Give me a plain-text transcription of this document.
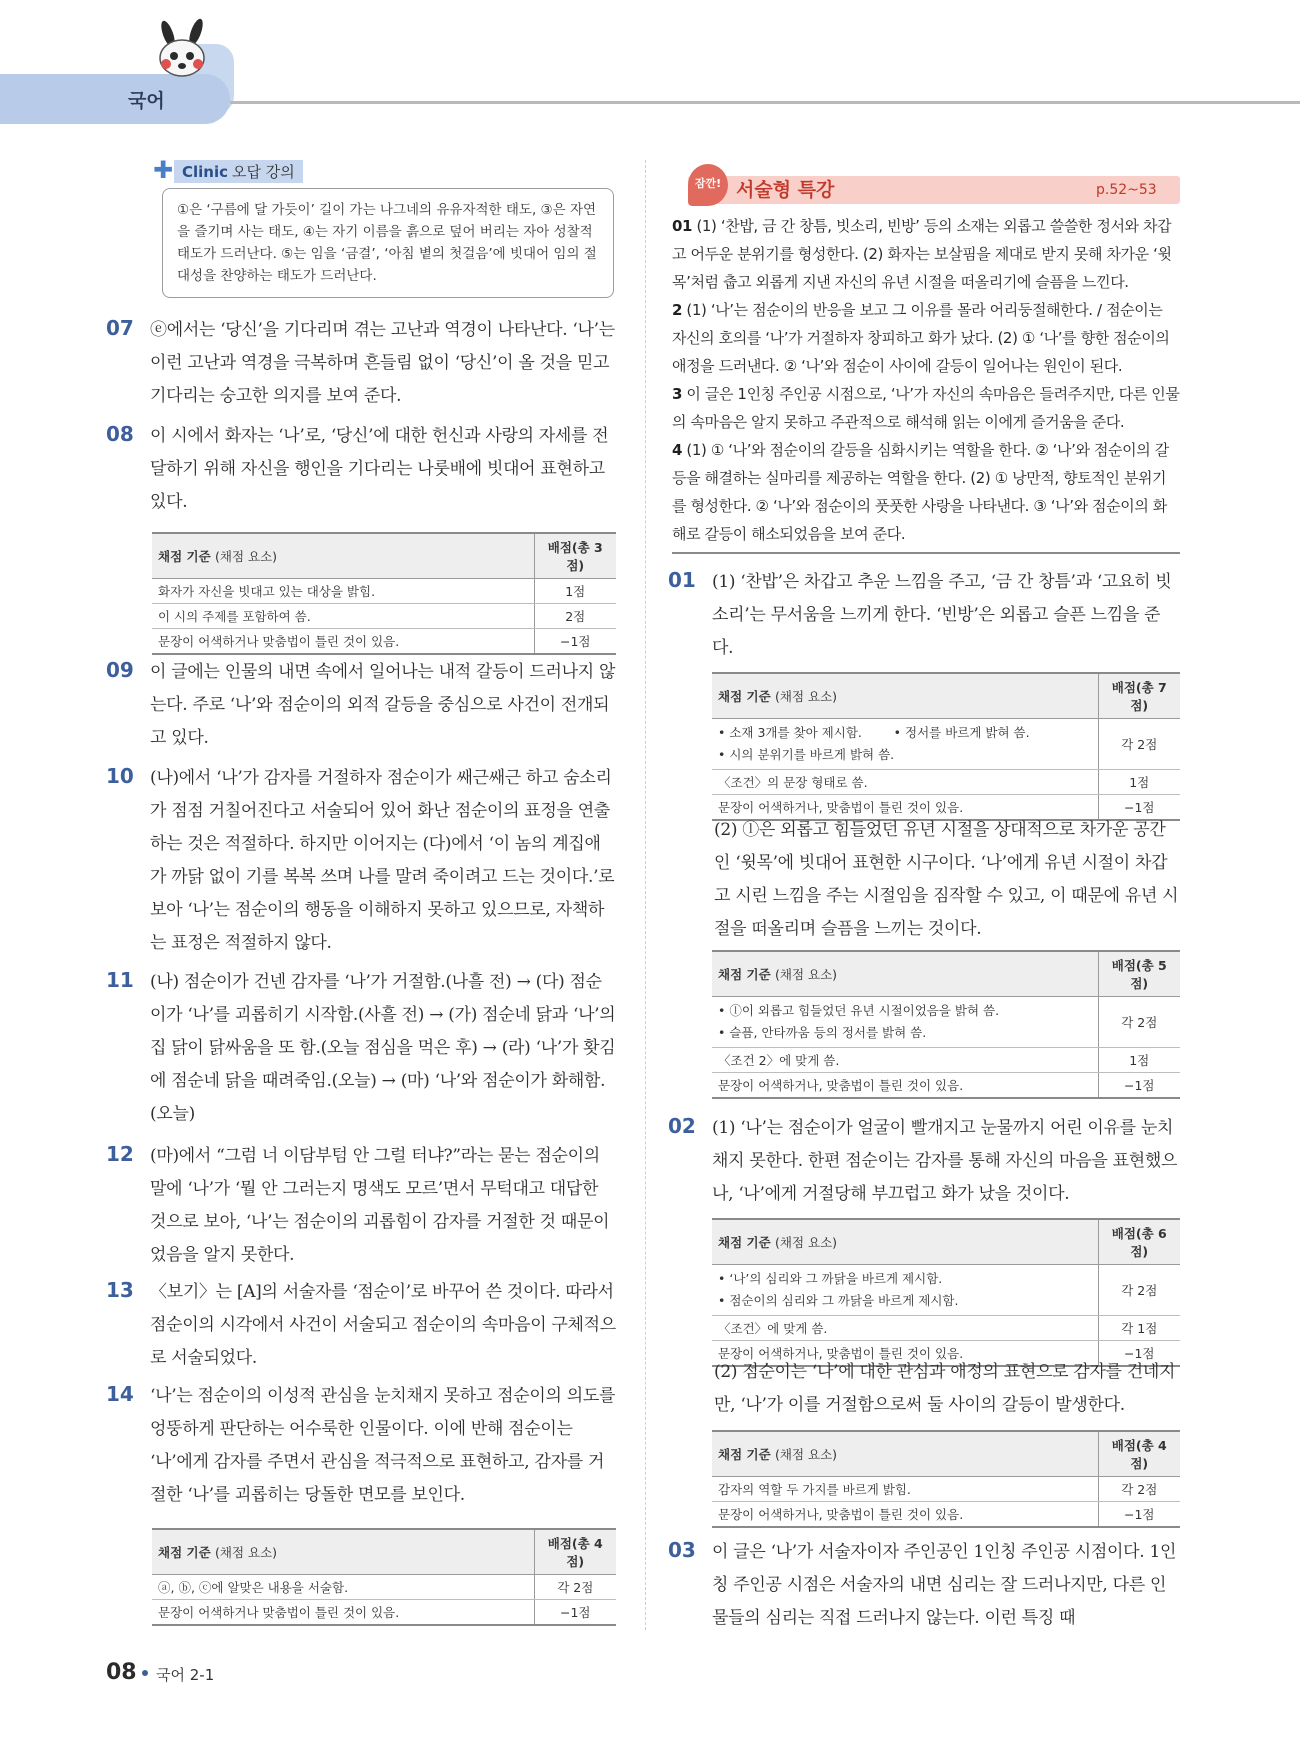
국어
✚ Clinic 오답 강의
①은 ‘구름에 달 가듯이’ 길이 가는 나그네의 유유자적한 태도, ③은 자연을 즐기며 사는 태도, ④는 자기 이름을 흙으로 덮어 버리는 자아 성찰적 태도가 드러난다. ⑤는 임을 ‘금결’, ‘아침 볕의 첫걸음’에 빗대어 임의 절대성을 찬양하는 태도가 드러난다.
07 ⓔ에서는 ‘당신’을 기다리며 겪는 고난과 역경이 나타난다. ‘나’는 이런 고난과 역경을 극복하며 흔들림 없이 ‘당신’이 올 것을 믿고 기다리는 숭고한 의지를 보여 준다.
08 이 시에서 화자는 ‘나’로, ‘당신’에 대한 헌신과 사랑의 자세를 전달하기 위해 자신을 행인을 기다리는 나룻배에 빗대어 표현하고 있다.
채점 기준 (채점 요소)	배점(총 3점)
화자가 자신을 빗대고 있는 대상을 밝힘.	1점
이 시의 주제를 포함하여 씀.	2점
문장이 어색하거나 맞춤법이 틀린 것이 있음.	−1점
09 이 글에는 인물의 내면 속에서 일어나는 내적 갈등이 드러나지 않는다. 주로 ‘나’와 점순이의 외적 갈등을 중심으로 사건이 전개되고 있다.
10 (나)에서 ‘나’가 감자를 거절하자 점순이가 쌔근쌔근 하고 숨소리가 점점 거칠어진다고 서술되어 있어 화난 점순이의 표정을 연출하는 것은 적절하다. 하지만 이어지는 (다)에서 ‘이 놈의 계집애가 까닭 없이 기를 복복 쓰며 나를 말려 죽이려고 드는 것이다.’로 보아 ‘나’는 점순이의 행동을 이해하지 못하고 있으므로, 자책하는 표정은 적절하지 않다.
11 (나) 점순이가 건넨 감자를 ‘나’가 거절함.(나흘 전) → (다) 점순이가 ‘나’를 괴롭히기 시작함.(사흘 전) → (가) 점순네 닭과 ‘나’의 집 닭이 닭싸움을 또 함.(오늘 점심을 먹은 후) → (라) ‘나’가 홧김에 점순네 닭을 때려죽임.(오늘) → (마) ‘나’와 점순이가 화해함.(오늘)
12 (마)에서 “그럼 너 이담부텀 안 그럴 터냐?”라는 묻는 점순이의 말에 ‘나’가 ‘뭘 안 그러는지 명색도 모르’면서 무턱대고 대답한 것으로 보아, ‘나’는 점순이의 괴롭힘이 감자를 거절한 것 때문이었음을 알지 못한다.
13 〈보기〉는 [A]의 서술자를 ‘점순이’로 바꾸어 쓴 것이다. 따라서 점순이의 시각에서 사건이 서술되고 점순이의 속마음이 구체적으로 서술되었다.
14 ‘나’는 점순이의 이성적 관심을 눈치채지 못하고 점순이의 의도를 엉뚱하게 판단하는 어수룩한 인물이다. 이에 반해 점순이는 ‘나’에게 감자를 주면서 관심을 적극적으로 표현하고, 감자를 거절한 ‘나’를 괴롭히는 당돌한 면모를 보인다.
채점 기준 (채점 요소)	배점(총 4점)
ⓐ, ⓑ, ⓒ에 알맞은 내용을 서술함.	각 2점
문장이 어색하거나 맞춤법이 틀린 것이 있음.	−1점
잠깐! 서술형 특강	p.52~53

01 (1) ‘찬밥, 금 간 창틈, 빗소리, 빈방’ 등의 소재는 외롭고 쓸쓸한 정서와 차갑고 어두운 분위기를 형성한다. (2) 화자는 보살핌을 제대로 받지 못해 차가운 ‘윗목’처럼 춥고 외롭게 지낸 자신의 유년 시절을 떠올리기에 슬픔을 느낀다.

2 (1) ‘나’는 점순이의 반응을 보고 그 이유를 몰라 어리둥절해한다. / 점순이는 자신의 호의를 ‘나’가 거절하자 창피하고 화가 났다. (2) ① ‘나’를 향한 점순이의 애정을 드러낸다. ② ‘나’와 점순이 사이에 갈등이 일어나는 원인이 된다.

3 이 글은 1인칭 주인공 시점으로, ‘나’가 자신의 속마음은 들려주지만, 다른 인물의 속마음은 알지 못하고 주관적으로 해석해 읽는 이에게 즐거움을 준다.

4 (1) ① ‘나’와 점순이의 갈등을 심화시키는 역할을 한다. ② ‘나’와 점순이의 갈등을 해결하는 실마리를 제공하는 역할을 한다. (2) ① 낭만적, 향토적인 분위기를 형성한다. ② ‘나’와 점순이의 풋풋한 사랑을 나타낸다. ③ ‘나’와 점순이의 화해로 갈등이 해소되었음을 보여 준다.

01 (1) ‘찬밥’은 차갑고 추운 느낌을 주고, ‘금 간 창틈’과 ‘고요히 빗소리’는 무서움을 느끼게 한다. ‘빈방’은 외롭고 슬픈 느낌을 준다.
채점 기준 (채점 요소)	배점(총 7점)

• 소재 3개를 찾아 제시함. • 정서를 바르게 밝혀 씀.
• 시의 분위기를 바르게 밝혀 씀.	각 2점
〈조건〉의 문장 형태로 씀.	1점
문장이 어색하거나, 맞춤법이 틀린 것이 있음.	−1점
(2) ⓛ은 외롭고 힘들었던 유년 시절을 상대적으로 차가운 공간인 ‘윗목’에 빗대어 표현한 시구이다. ‘나’에게 유년 시절이 차갑고 시린 느낌을 주는 시절임을 짐작할 수 있고, 이 때문에 유년 시절을 떠올리며 슬픔을 느끼는 것이다.
채점 기준 (채점 요소)	배점(총 5점)

• ⓛ이 외롭고 힘들었던 유년 시절이었음을 밝혀 씀.
• 슬픔, 안타까움 등의 정서를 밝혀 씀.	각 2점
〈조건 2〉에 맞게 씀.	1점
문장이 어색하거나, 맞춤법이 틀린 것이 있음.	−1점
02 (1) ‘나’는 점순이가 얼굴이 빨개지고 눈물까지 어린 이유를 눈치채지 못한다. 한편 점순이는 감자를 통해 자신의 마음을 표현했으나, ‘나’에게 거절당해 부끄럽고 화가 났을 것이다.
채점 기준 (채점 요소)	배점(총 6점)

• ‘나’의 심리와 그 까닭을 바르게 제시함.
• 점순이의 심리와 그 까닭을 바르게 제시함.	각 2점
〈조건〉에 맞게 씀.	각 1점
문장이 어색하거나, 맞춤법이 틀린 것이 있음.	−1점
(2) 점순이는 ‘나’에 대한 관심과 애정의 표현으로 감자를 건네지만, ‘나’가 이를 거절함으로써 둘 사이의 갈등이 발생한다.
채점 기준 (채점 요소)	배점(총 4점)
감자의 역할 두 가지를 바르게 밝힘.	각 2점
문장이 어색하거나, 맞춤법이 틀린 것이 있음.	−1점
03 이 글은 ‘나’가 서술자이자 주인공인 1인칭 주인공 시점이다. 1인칭 주인공 시점은 서술자의 내면 심리는 잘 드러나지만, 다른 인물들의 심리는 직접 드러나지 않는다. 이런 특징 때
08 국어 2-1
